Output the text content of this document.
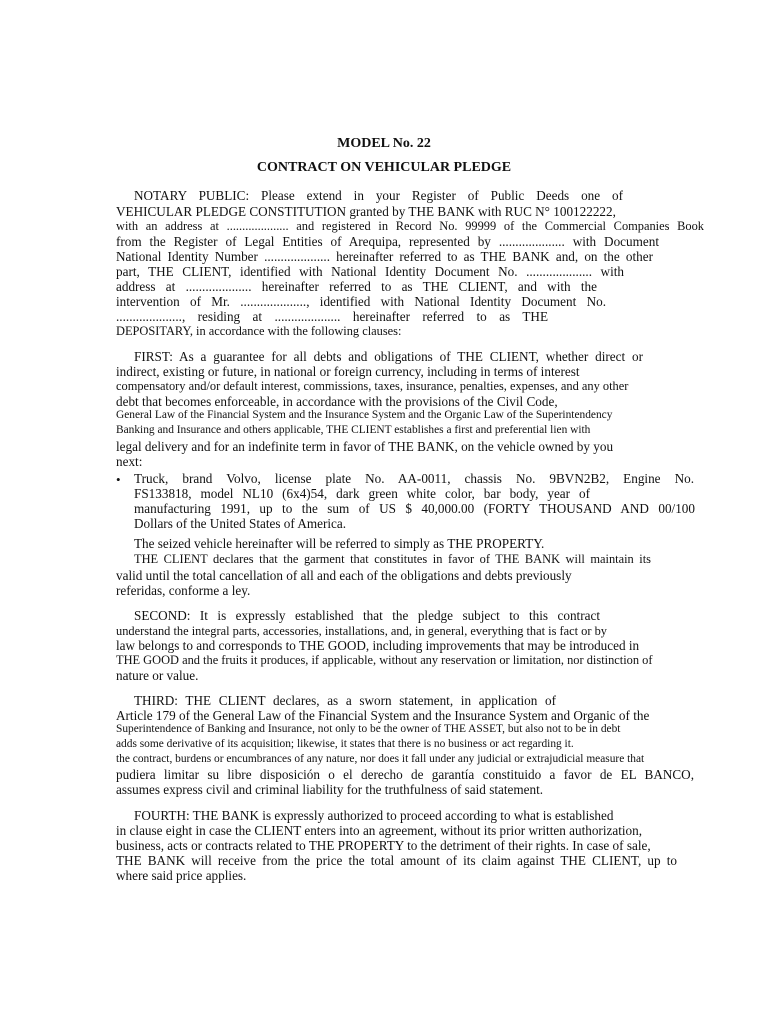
MODEL No. 22
CONTRACT ON VEHICULAR PLEDGE
NOTARY PUBLIC: Please extend in your Register of Public Deeds one of
VEHICULAR PLEDGE CONSTITUTION granted by THE BANK with RUC N° 100122222,
with an address at .................... and registered in Record No. 99999 of the Commercial Companies Book
from the Register of Legal Entities of Arequipa, represented by .................... with Document
National Identity Number .................... hereinafter referred to as THE BANK and, on the other
part, THE CLIENT, identified with National Identity Document No. .................... with
address at .................... hereinafter referred to as THE CLIENT, and with the
intervention of Mr. ...................., identified with National Identity Document No.
...................., residing at .................... hereinafter referred to as THE
DEPOSITARY, in accordance with the following clauses:
FIRST: As a guarantee for all debts and obligations of THE CLIENT, whether direct or
indirect, existing or future, in national or foreign currency, including in terms of interest
compensatory and/or default interest, commissions, taxes, insurance, penalties, expenses, and any other
debt that becomes enforceable, in accordance with the provisions of the Civil Code,
General Law of the Financial System and the Insurance System and the Organic Law of the Superintendency
Banking and Insurance and others applicable, THE CLIENT establishes a first and preferential lien with
legal delivery and for an indefinite term in favor of THE BANK, on the vehicle owned by you
next:
• Truck, brand Volvo, license plate No. AA-0011, chassis No. 9BVN2B2, Engine No.
FS133818, model NL10 (6x4)54, dark green white color, bar body, year of
manufacturing 1991, up to the sum of US $ 40,000.00 (FORTY THOUSAND AND 00/100
Dollars of the United States of America.
The seized vehicle hereinafter will be referred to simply as THE PROPERTY.
THE CLIENT declares that the garment that constitutes in favor of THE BANK will maintain its
valid until the total cancellation of all and each of the obligations and debts previously
referidas, conforme a ley.
SECOND: It is expressly established that the pledge subject to this contract
understand the integral parts, accessories, installations, and, in general, everything that is fact or by
law belongs to and corresponds to THE GOOD, including improvements that may be introduced in
THE GOOD and the fruits it produces, if applicable, without any reservation or limitation, nor distinction of
nature or value.
THIRD: THE CLIENT declares, as a sworn statement, in application of
Article 179 of the General Law of the Financial System and the Insurance System and Organic of the
Superintendence of Banking and Insurance, not only to be the owner of THE ASSET, but also not to be in debt
adds some derivative of its acquisition; likewise, it states that there is no business or act regarding it.
the contract, burdens or encumbrances of any nature, nor does it fall under any judicial or extrajudicial measure that
pudiera limitar su libre disposición o el derecho de garantía constituido a favor de EL BANCO,
assumes express civil and criminal liability for the truthfulness of said statement.
FOURTH: THE BANK is expressly authorized to proceed according to what is established
in clause eight in case the CLIENT enters into an agreement, without its prior written authorization,
business, acts or contracts related to THE PROPERTY to the detriment of their rights. In case of sale,
THE BANK will receive from the price the total amount of its claim against THE CLIENT, up to
where said price applies.
